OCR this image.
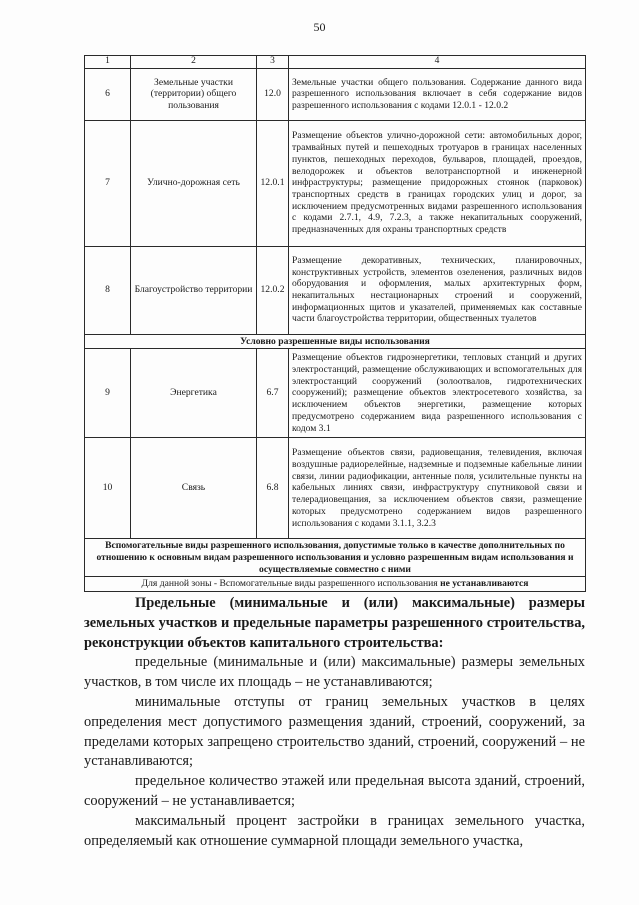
50
1	2	3	4
6	Земельные участки (территории) общего пользования	12.0	Земельные участки общего пользования. Содержание данного вида разрешенного использования включает в себя содержание видов разрешенного использования с кодами 12.0.1 - 12.0.2
7	Улично-дорожная сеть	12.0.1	Размещение объектов улично-дорожной сети: автомобильных дорог, трамвайных путей и пешеходных тротуаров в границах населенных пунктов, пешеходных переходов, бульваров, площадей, проездов, велодорожек и объектов велотранспортной и инженерной инфраструктуры; размещение придорожных стоянок (парковок) транспортных средств в границах городских улиц и дорог, за исключением предусмотренных видами разрешенного использования с кодами 2.7.1, 4.9, 7.2.3, а также некапитальных сооружений, предназначенных для охраны транспортных средств
8	Благоустройство территории	12.0.2	Размещение декоративных, технических, планировочных, конструктивных устройств, элементов озеленения, различных видов оборудования и оформления, малых архитектурных форм, некапитальных нестационарных строений и сооружений, информационных щитов и указателей, применяемых как составные части благоустройства территории, общественных туалетов
Условно разрешенные виды использования			
9	Энергетика	6.7	Размещение объектов гидроэнергетики, тепловых станций и других электростанций, размещение обслуживающих и вспомогательных для электростанций сооружений (золоотвалов, гидротехнических сооружений); размещение объектов электросетевого хозяйства, за исключением объектов энергетики, размещение которых предусмотрено содержанием вида разрешенного использования с кодом 3.1
10	Связь	6.8	Размещение объектов связи, радиовещания, телевидения, включая воздушные радиорелейные, надземные и подземные кабельные линии связи, линии радиофикации, антенные поля, усилительные пункты на кабельных линиях связи, инфраструктуру спутниковой связи и телерадиовещания, за исключением объектов связи, размещение которых предусмотрено содержанием видов разрешенного использования с кодами 3.1.1, 3.2.3
Вспомогательные виды разрешенного использования, допустимые только в качестве дополнительных по отношению к основным видам разрешенного использования и условно разрешенным видам использования и осуществляемые совместно с ними			
Для данной зоны - Вспомогательные виды разрешенного использования не устанавливаются			

Предельные (минимальные и (или) максимальные) размеры земельных участков и предельные параметры разрешенного строительства, реконструкции объектов капитального строительства:

предельные (минимальные и (или) максимальные) размеры земельных участков, в том числе их площадь – не устанавливаются;

минимальные отступы от границ земельных участков в целях определения мест допустимого размещения зданий, строений, сооружений, за пределами которых запрещено строительство зданий, строений, сооружений – не устанавливаются;

предельное количество этажей или предельная высота зданий, строений, сооружений – не устанавливается;

максимальный процент застройки в границах земельного участка, определяемый как отношение суммарной площади земельного участка,
